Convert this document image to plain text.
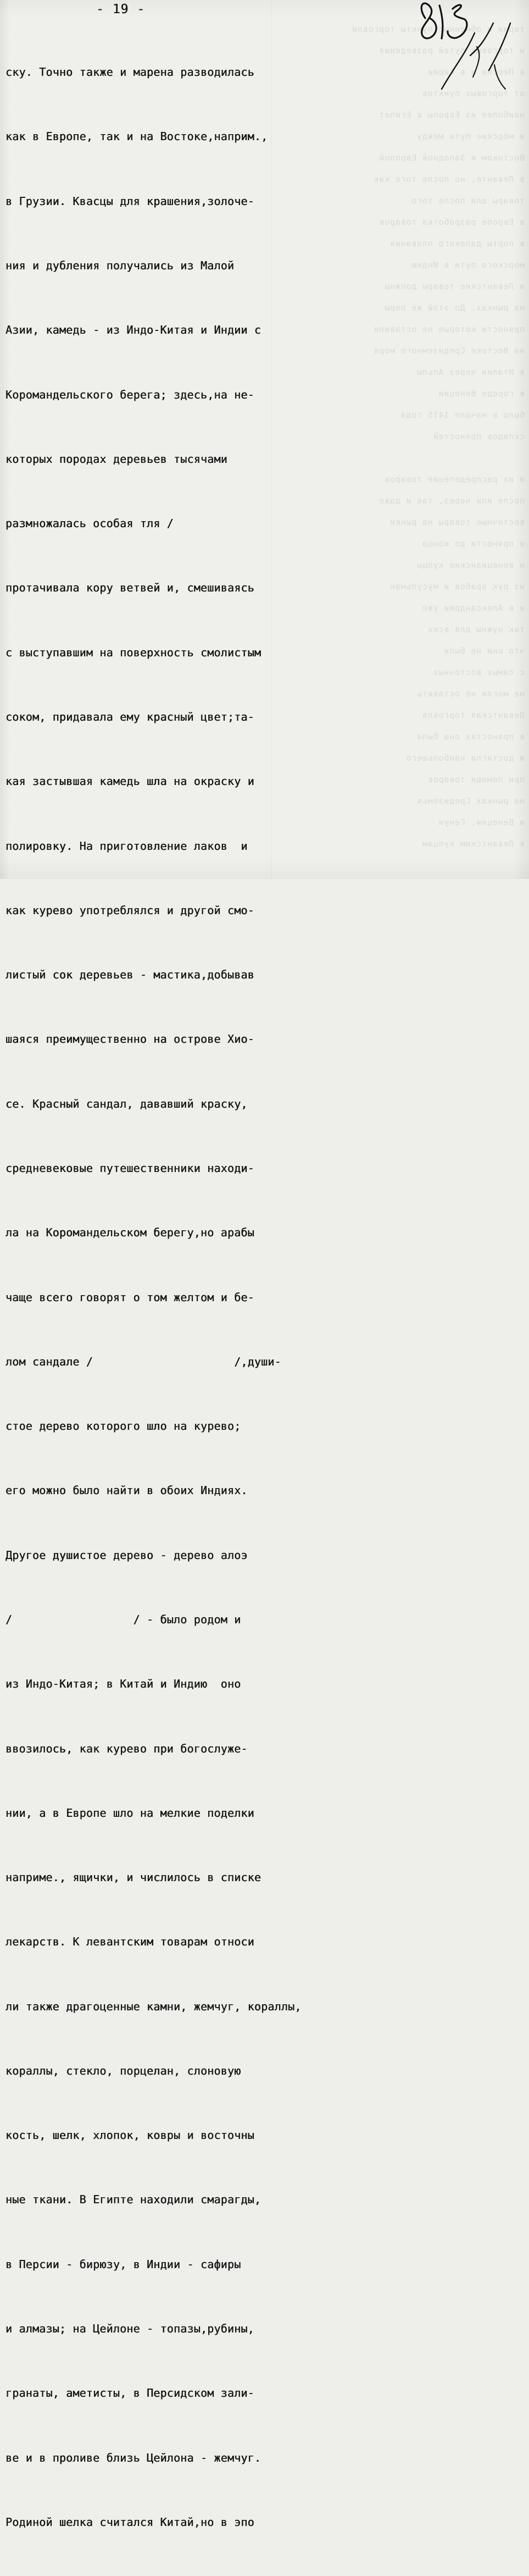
тарии и обменные пункты торговли
и торговых путей разведения
в Персии и в Сирии
от торговых пунктов
наиболее из Европы в Египет
и морские пути между
Востоком и Западной Европой
в Леванте, но после того как
товары шли после того
в Европе разработка товаров
в порты далекого плавания
морского пути в Индию
и Левантские товары должны
на рынках. До этой же поры
пряности которые не оставили
на Востоке Средиземного моря
в Италии через Альпы
в городе Венеции
было в начале 1415 года
складов пряностей
и их распределение товаров
после или через, так и даже
восточные товары на рынки
и пряности до конца
и венецианские купцы
из рук арабов и мусульман
и в Александрии уже
так нужны для всех
что они не были
с самых восточных
не могли не оставить
Левантская торговля
в пряностях она была
и достигла наибольшего
при помощи товаров
на рынках Средиземья
и Венеции, Генуи
к Левантским купцам
- 19 -

ску. Точно также и марена разводилась

как в Европе, так и на Востоке,наприм.,

в Грузии. Квасцы для крашения,золоче-

ния и дубления получались из Малой

Азии, камедь - из Индо-Китая и Индии с

Коромандельского берега; здесь,на не-

которых породах деревьев тысячами

размножалась особая тля /

протачивала кору ветвей и, смешиваясь

с выступавшим на поверхность смолистым

соком, придавала ему красный цвет;та-

кая застывшая камедь шла на окраску и

полировку. На приготовление лаков  и

как курево употреблялся и другой смо-

листый сок деревьев - мастика,добывав

шаяся преимущественно на острове Хио-

се. Красный сандал, дававший краску,

средневековые путешественники находи-

ла на Коромандельском берегу,но арабы

чаще всего говорят о том желтом и бе-

лом сандале /                     /,души-

стое дерево которого шло на курево;

его можно было найти в обоих Индиях.

Другое душистое дерево - дерево алоэ

/                  / - было родом и

из Индо-Китая; в Китай и Индию  оно

ввозилось, как курево при богослуже-

нии, а в Европе шло на мелкие поделки

наприме., ящички, и числилось в списке

лекарств. К левантским товарам относи

ли также драгоценные камни, жемчуг, кораллы,

кораллы, стекло, порцелан, слоновую

кость, шелк, хлопок, ковры и восточны

ные ткани. В Египте находили смарагды,

в Персии - бирюзу, в Индии - сафиры

и алмазы; на Цейлоне - топазы,рубины,

гранаты, аметисты, в Персидском зали-

ве и в проливе близь Цейлона - жемчуг.

Родиной шелка считался Китай,но в эпо
